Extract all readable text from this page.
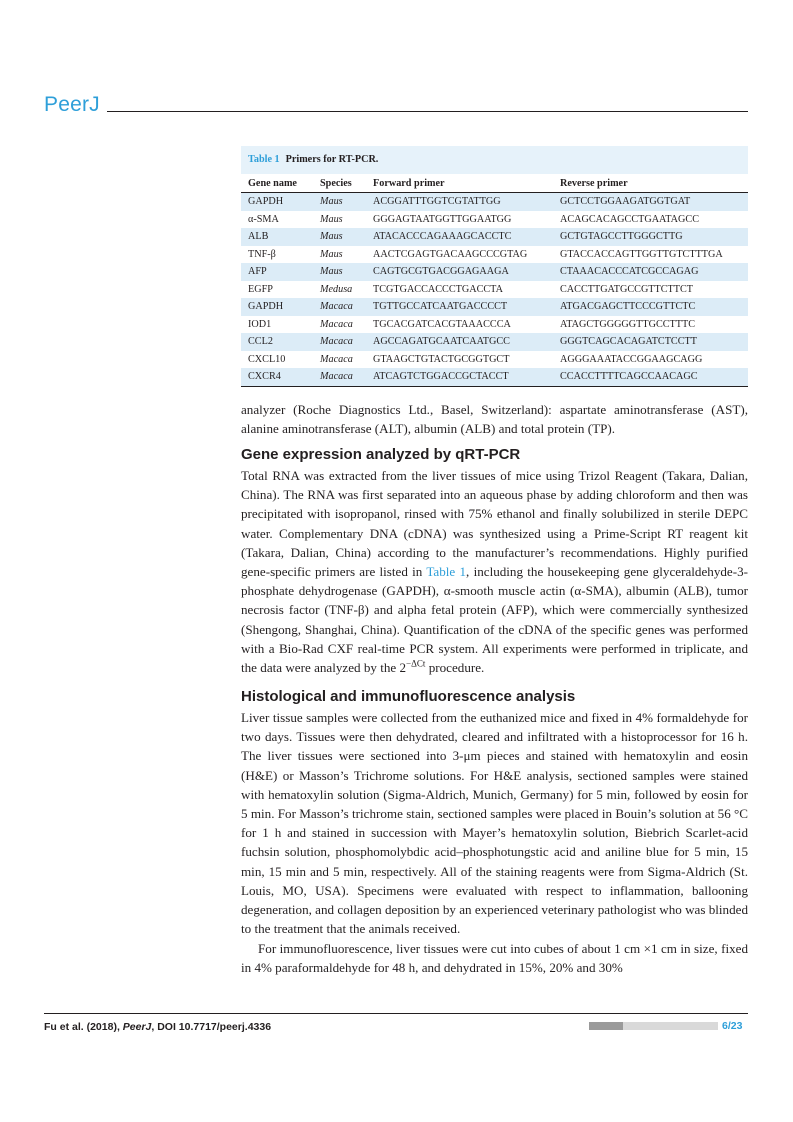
PeerJ
Table 1 Primers for RT-PCR.
Gene name	Species	Forward primer	Reverse primer
GAPDH	Maus	ACGGATTTGGTCGTATTGG	GCTCCTGGAAGATGGTGAT
α-SMA	Maus	GGGAGTAATGGTTGGAATGG	ACAGCACAGCCTGAATAGCC
ALB	Maus	ATACACCCAGAAAGCACCTC	GCTGTAGCCTTGGGCTTG
TNF-β	Maus	AACTCGAGTGACAAGCCCGTAG	GTACCACCAGTTGGTTGTCTTTGA
AFP	Maus	CAGTGCGTGACGGAGAAGA	CTAAACACCCATCGCCAGAG
EGFP	Medusa	TCGTGACCACCCTGACCTA	CACCTTGATGCCGTTCTTCT
GAPDH	Macaca	TGTTGCCATCAATGACCCCT	ATGACGAGCTTCCCGTTCTC
IOD1	Macaca	TGCACGATCACGTAAACCCA	ATAGCTGGGGGTTGCCTTTC
CCL2	Macaca	AGCCAGATGCAATCAATGCC	GGGTCAGCACAGATCTCCTT
CXCL10	Macaca	GTAAGCTGTACTGCGGTGCT	AGGGAAATACCGGAAGCAGG
CXCR4	Macaca	ATCAGTCTGGACCGCTACCT	CCACCTTTTCAGCCAACAGC

analyzer (Roche Diagnostics Ltd., Basel, Switzerland): aspartate aminotransferase (AST), alanine aminotransferase (ALT), albumin (ALB) and total protein (TP).

Gene expression analyzed by qRT-PCR

Total RNA was extracted from the liver tissues of mice using Trizol Reagent (Takara, Dalian, China). The RNA was first separated into an aqueous phase by adding chloroform and then was precipitated with isopropanol, rinsed with 75% ethanol and finally solubilized in sterile DEPC water. Complementary DNA (cDNA) was synthesized using a Prime-Script RT reagent kit (Takara, Dalian, China) according to the manufacturer’s recommendations. Highly purified gene-specific primers are listed in Table 1, including the housekeeping gene glyceraldehyde-3-phosphate dehydrogenase (GAPDH), α-smooth muscle actin (α-SMA), albumin (ALB), tumor necrosis factor (TNF-β) and alpha fetal protein (AFP), which were commercially synthesized (Shengong, Shanghai, China). Quantification of the cDNA of the specific genes was performed with a Bio-Rad CXF real-time PCR system. All experiments were performed in triplicate, and the data were analyzed by the $2^{-\Delta Ct}$ procedure.

Histological and immunofluorescence analysis

Liver tissue samples were collected from the euthanized mice and fixed in 4% formaldehyde for two days. Tissues were then dehydrated, cleared and infiltrated with a histoprocessor for 16 h. The liver tissues were sectioned into 3-μm pieces and stained with hematoxylin and eosin (H&E) or Masson’s Trichrome solutions. For H&E analysis, sectioned samples were stained with hematoxylin solution (Sigma-Aldrich, Munich, Germany) for 5 min, followed by eosin for 5 min. For Masson’s trichrome stain, sectioned samples were placed in Bouin’s solution at 56 °C for 1 h and stained in succession with Mayer’s hematoxylin solution, Biebrich Scarlet-acid fuchsin solution, phosphomolybdic acid–phosphotungstic acid and aniline blue for 5 min, 15 min, 15 min and 5 min, respectively. All of the staining reagents were from Sigma-Aldrich (St. Louis, MO, USA). Specimens were evaluated with respect to inflammation, ballooning degeneration, and collagen deposition by an experienced veterinary pathologist who was blinded to the treatment that the animals received.

For immunofluorescence, liver tissues were cut into cubes of about 1 cm ×1 cm in size, fixed in 4% paraformaldehyde for 48 h, and dehydrated in 15%, 20% and 30%

Fu et al. (2018), PeerJ, DOI 10.7717/peerj.4336	6/23
